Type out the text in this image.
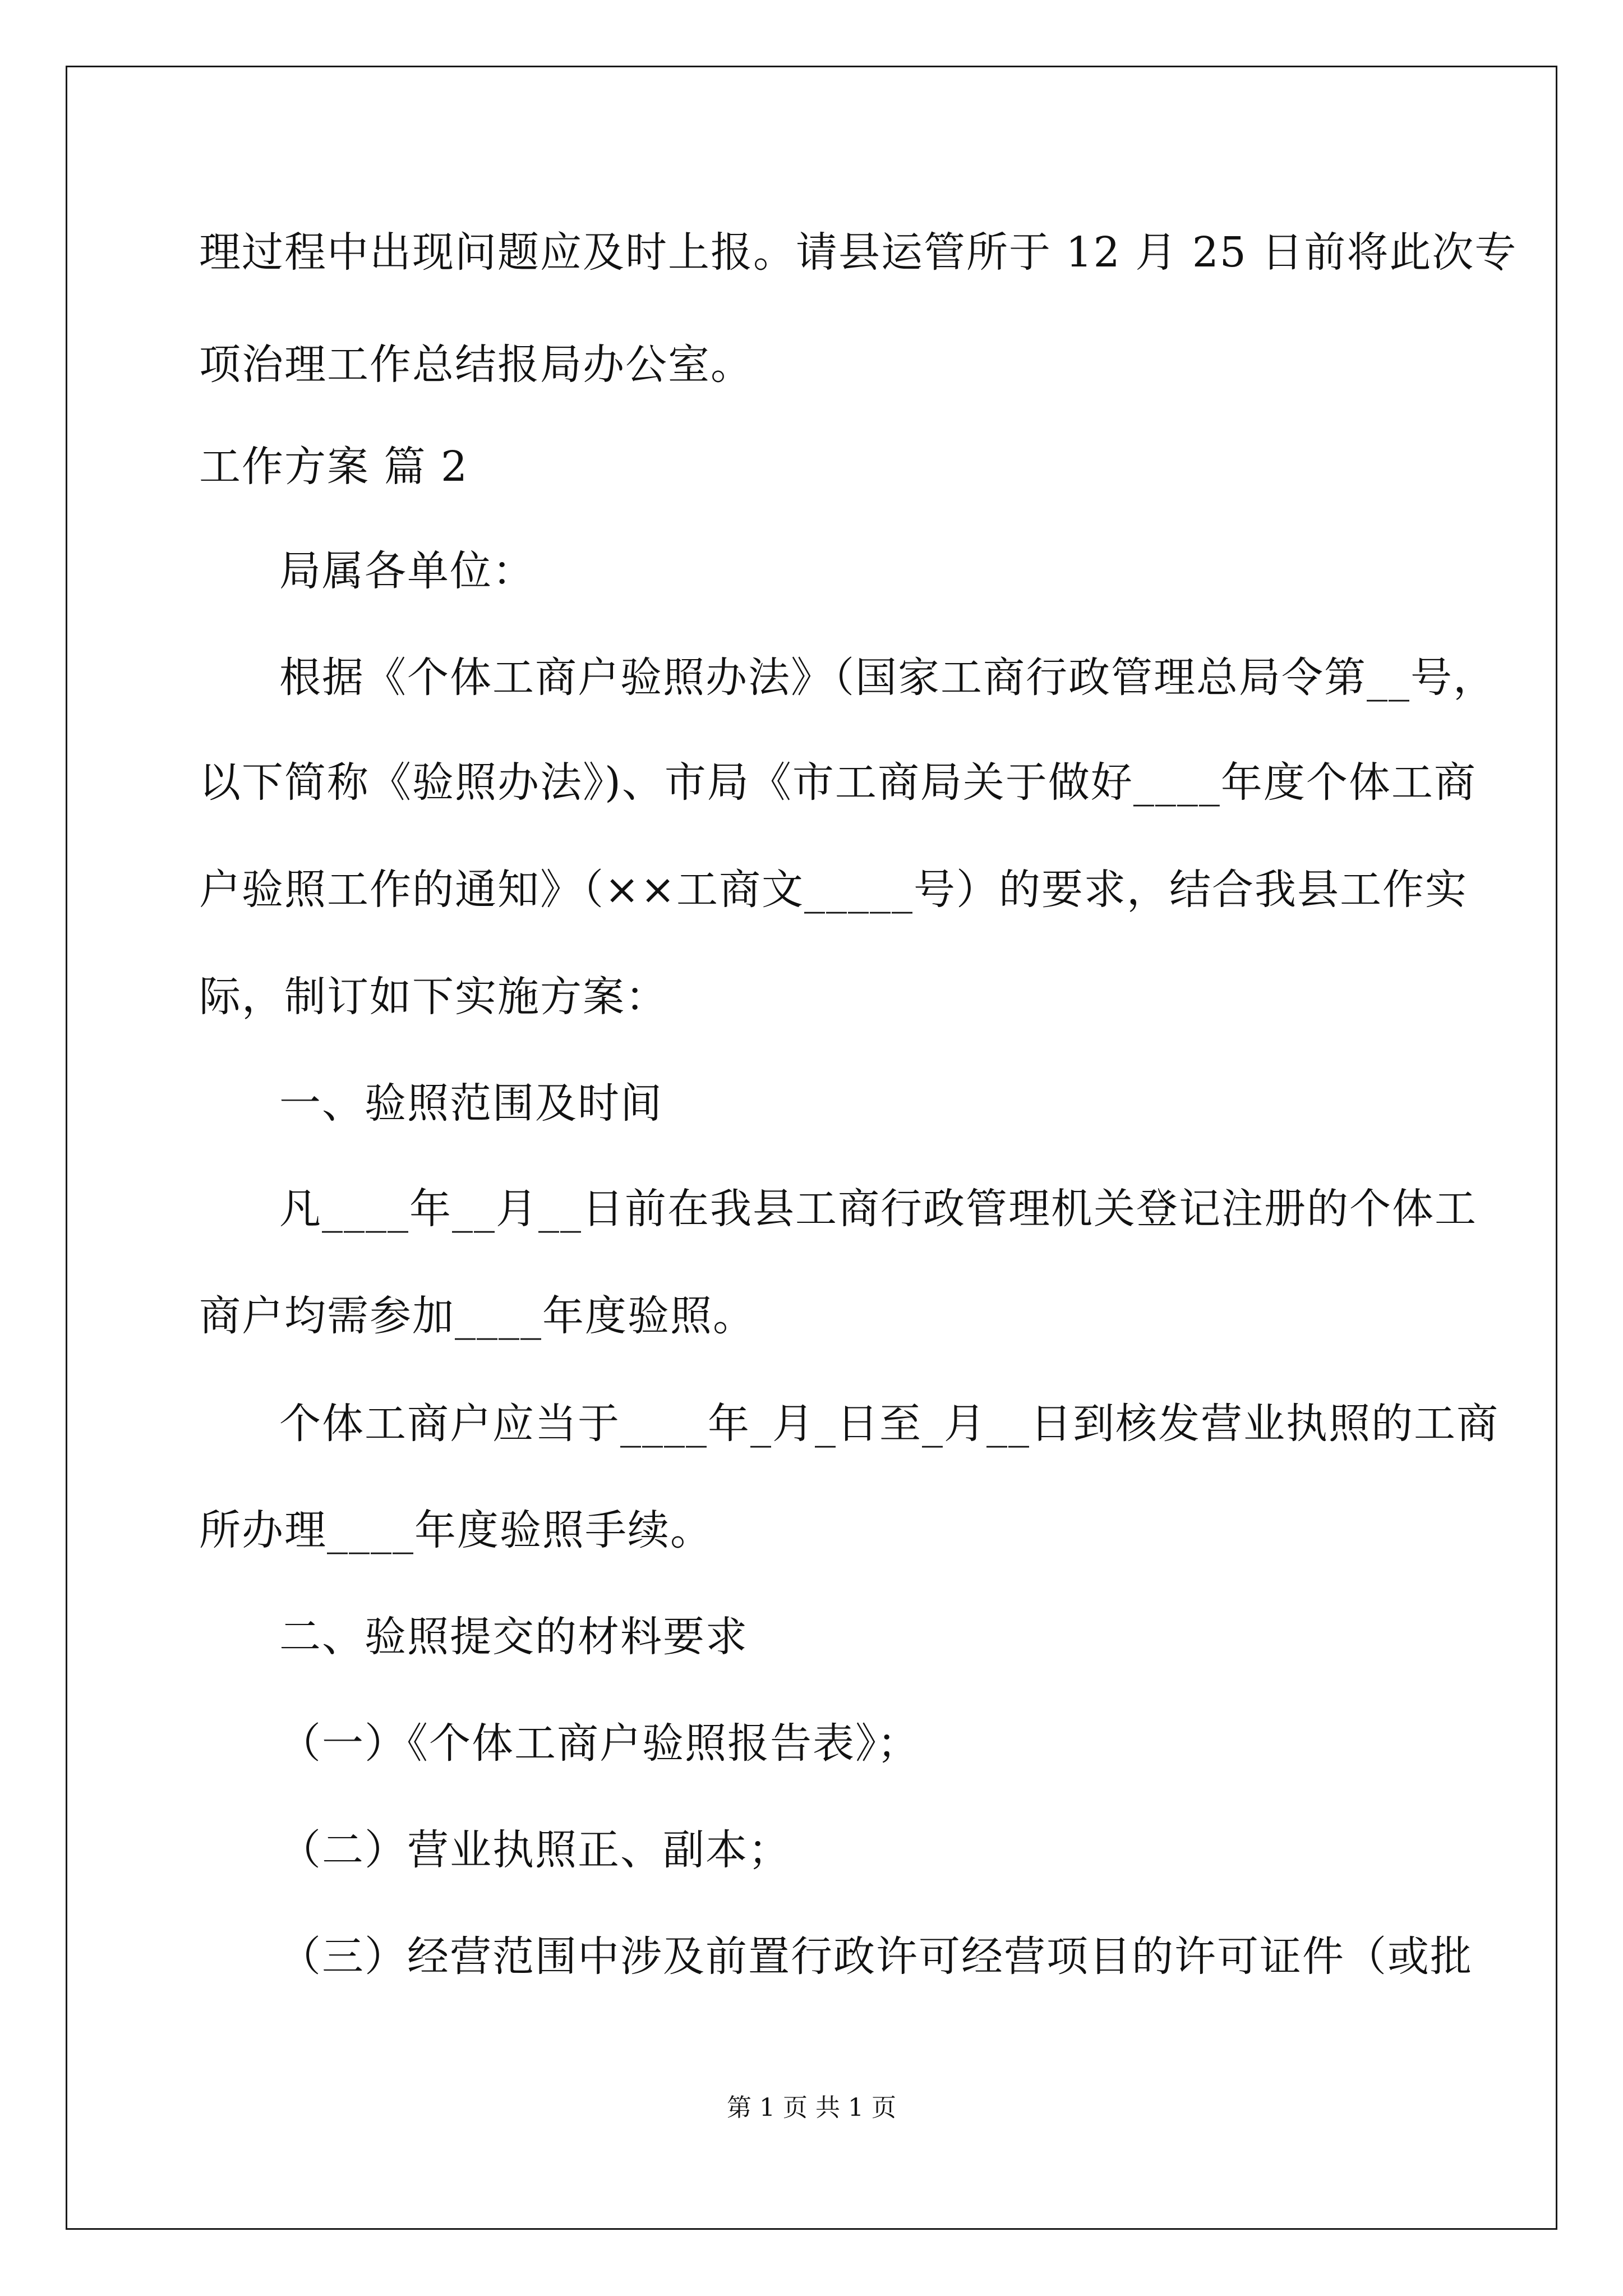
理过程中出现问题应及时上报。请县运管所于 12 月 25 日前将此次专
项治理工作总结报局办公室。
工作方案 篇 2
局属各单位：
根据《个体工商户验照办法》（国家工商行政管理总局令第__号，
以下简称《验照办法》)、市局《市工商局关于做好____年度个体工商
户验照工作的通知》（××工商文_____号）的要求，结合我县工作实
际，制订如下实施方案：
一、验照范围及时间
凡____年__月__日前在我县工商行政管理机关登记注册的个体工
商户均需参加____年度验照。
个体工商户应当于____年_月_日至_月__日到核发营业执照的工商
所办理____年度验照手续。
二、验照提交的材料要求
（一）《个体工商户验照报告表》；
（二）营业执照正、副本；
（三）经营范围中涉及前置行政许可经营项目的许可证件（或批
第 1 页 共 1 页
